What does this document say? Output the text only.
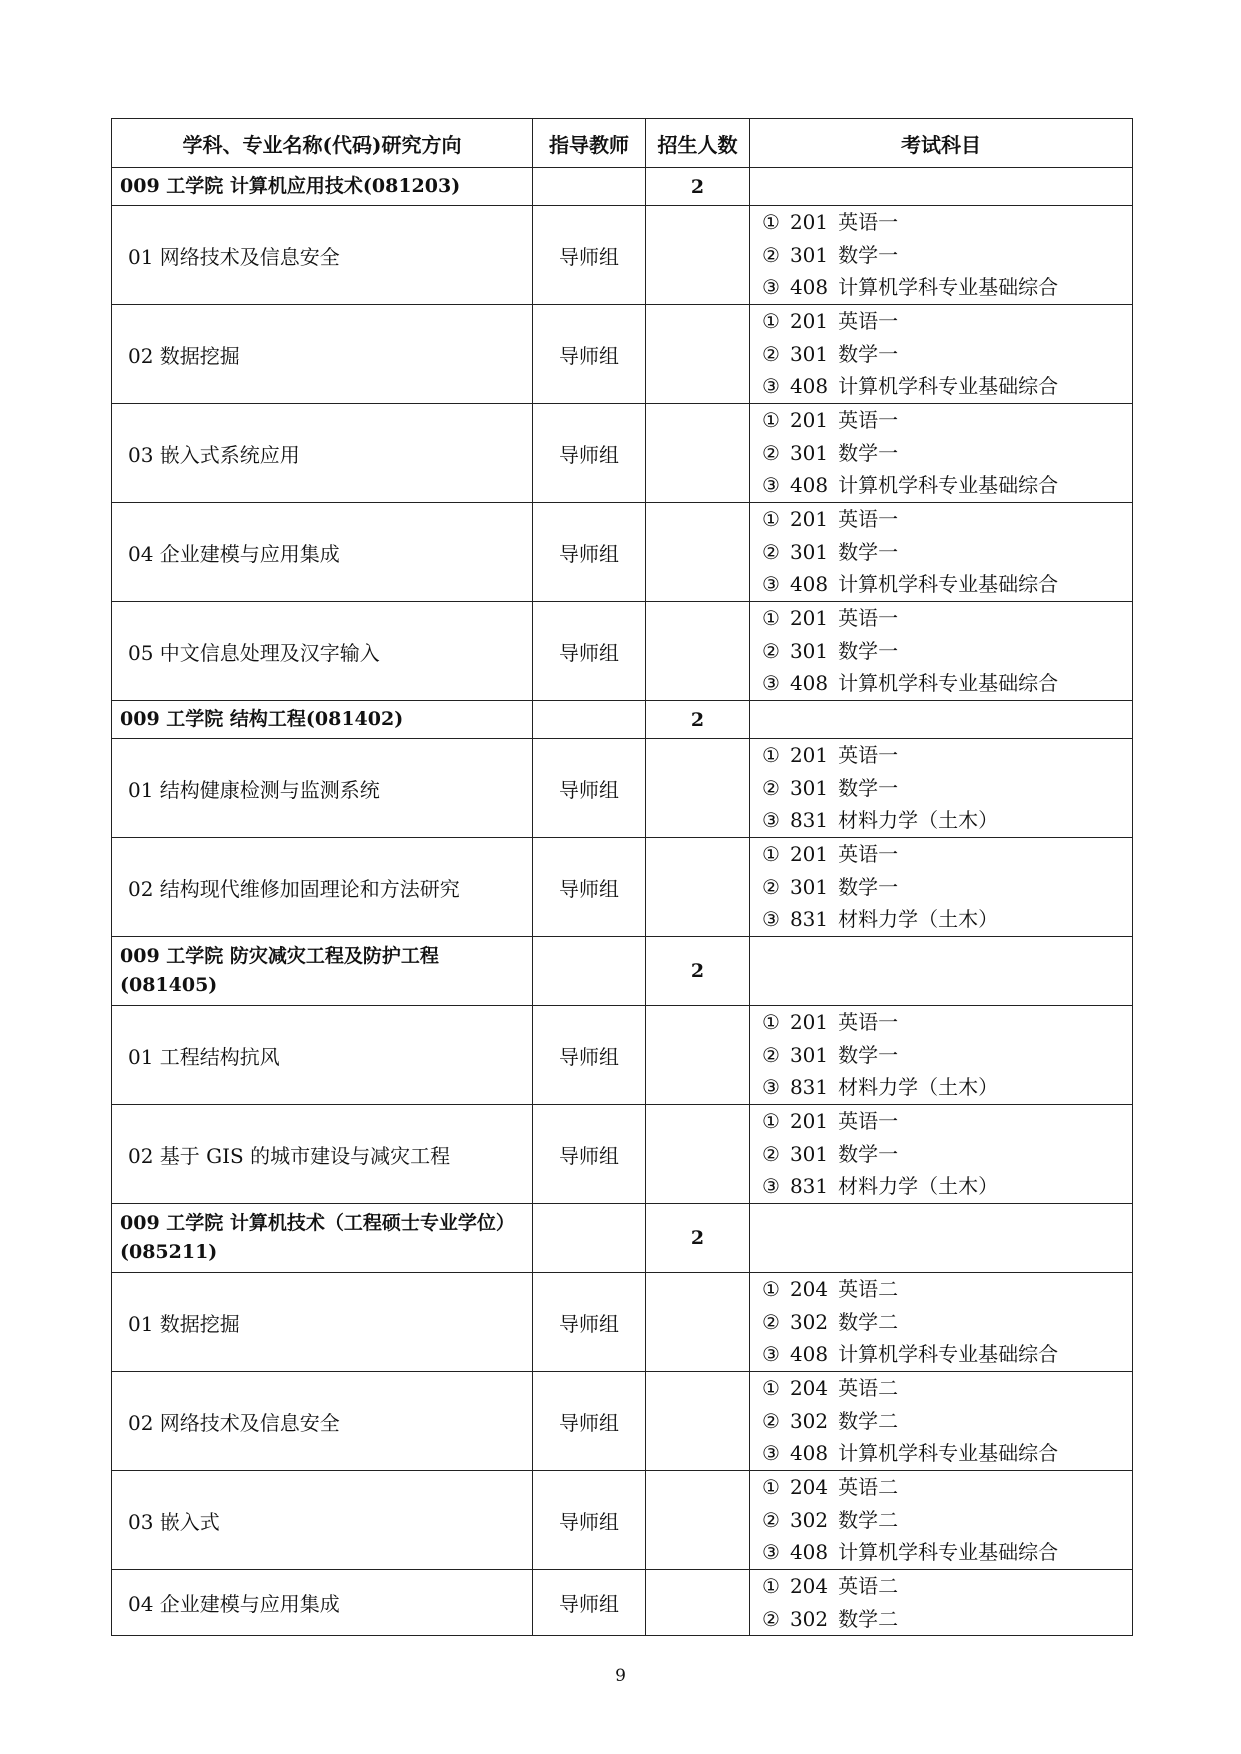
学科、专业名称(代码)研究方向	指导教师	招生人数	考试科目
009 工学院 计算机应用技术(081203)		2	
01 网络技术及信息安全	导师组		① 201 英语一
② 301 数学一
③ 408 计算机学科专业基础综合

02 数据挖掘	导师组		① 201 英语一
② 301 数学一
③ 408 计算机学科专业基础综合

03 嵌入式系统应用	导师组		① 201 英语一
② 301 数学一
③ 408 计算机学科专业基础综合

04 企业建模与应用集成	导师组		① 201 英语一
② 301 数学一
③ 408 计算机学科专业基础综合

05 中文信息处理及汉字输入	导师组		① 201 英语一
② 301 数学一
③ 408 计算机学科专业基础综合

009 工学院 结构工程(081402)		2	
01 结构健康检测与监测系统	导师组		① 201 英语一
② 301 数学一
③ 831 材料力学（土木）

02 结构现代维修加固理论和方法研究	导师组		① 201 英语一
② 301 数学一
③ 831 材料力学（土木）

009 工学院 防灾减灾工程及防护工程(081405)		2	
01 工程结构抗风	导师组		① 201 英语一
② 301 数学一
③ 831 材料力学（土木）

02 基于 GIS 的城市建设与减灾工程	导师组		① 201 英语一
② 301 数学一
③ 831 材料力学（土木）

009 工学院 计算机技术（工程硕士专业学位）(085211)		2	
01 数据挖掘	导师组		① 204 英语二
② 302 数学二
③ 408 计算机学科专业基础综合

02 网络技术及信息安全	导师组		① 204 英语二
② 302 数学二
③ 408 计算机学科专业基础综合

03 嵌入式	导师组		① 204 英语二
② 302 数学二
③ 408 计算机学科专业基础综合

04 企业建模与应用集成	导师组		① 204 英语二
② 302 数学二
9
